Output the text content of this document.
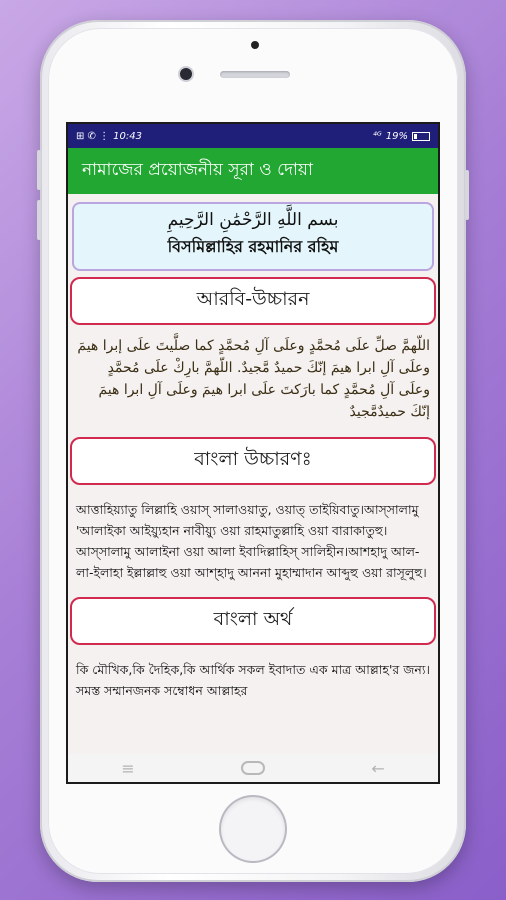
⊞ ✆ ⋮ 10:43	⁴ᴳ 19%
নামাজের প্রয়োজনীয় সূরা ও দোয়া
بسم اللَّهِ الرَّحْمَٰنِ الرَّحِيمِ
বিসমিল্লাহির রহমানির রহিম
আরবি-উচ্চারন
اللّهمَّ صلِّ علَى مُحمَّدٍ وعلَى آلِ مُحمَّدٍ كما صلَّيتَ علَى إبرا هيمَ وعلَى آلِ ابرا هيمَ إنّكَ حميدٌ مَّجيدٌ. اللّهمَّ بارِكْ علَى مُحمَّدٍ وعلَى آلِ مُحمَّدٍ كما بارَكتَ علَى ابرا هيمَ وعلَى آلِ ابرا هيمَ إنّكَ حميدٌمَّجيدٌ
বাংলা উচ্চারণঃ
আত্তাহিয়্যাতু লিল্লাহি ওয়াস্ সালাওয়াতু, ওয়াত্ তাইয়িবাতু।আস্সালামু 'আলাইকা আইয়্যুহান নাবীয়্যু ওয়া রাহমাতুল্লাহি ওয়া বারাকাতুহু।আস্সালামু আলাইনা ওয়া আলা ইবাদিল্লাহিস্ সালিহীন।আশহাদু আল-লা-ইলাহা ইল্লাল্লাহু ওয়া আশ্হাদু আননা মুহাম্মাদান আব্দুহু ওয়া রাসূলুহু।
বাংলা অর্থ
কি মৌখিক,কি দৈহিক,কি আর্থিক সকল ইবাদাত এক মাত্র আল্লাহ'র জন্য।সমস্ত সম্মানজনক সম্বোধন আল্লাহর
≡	←
